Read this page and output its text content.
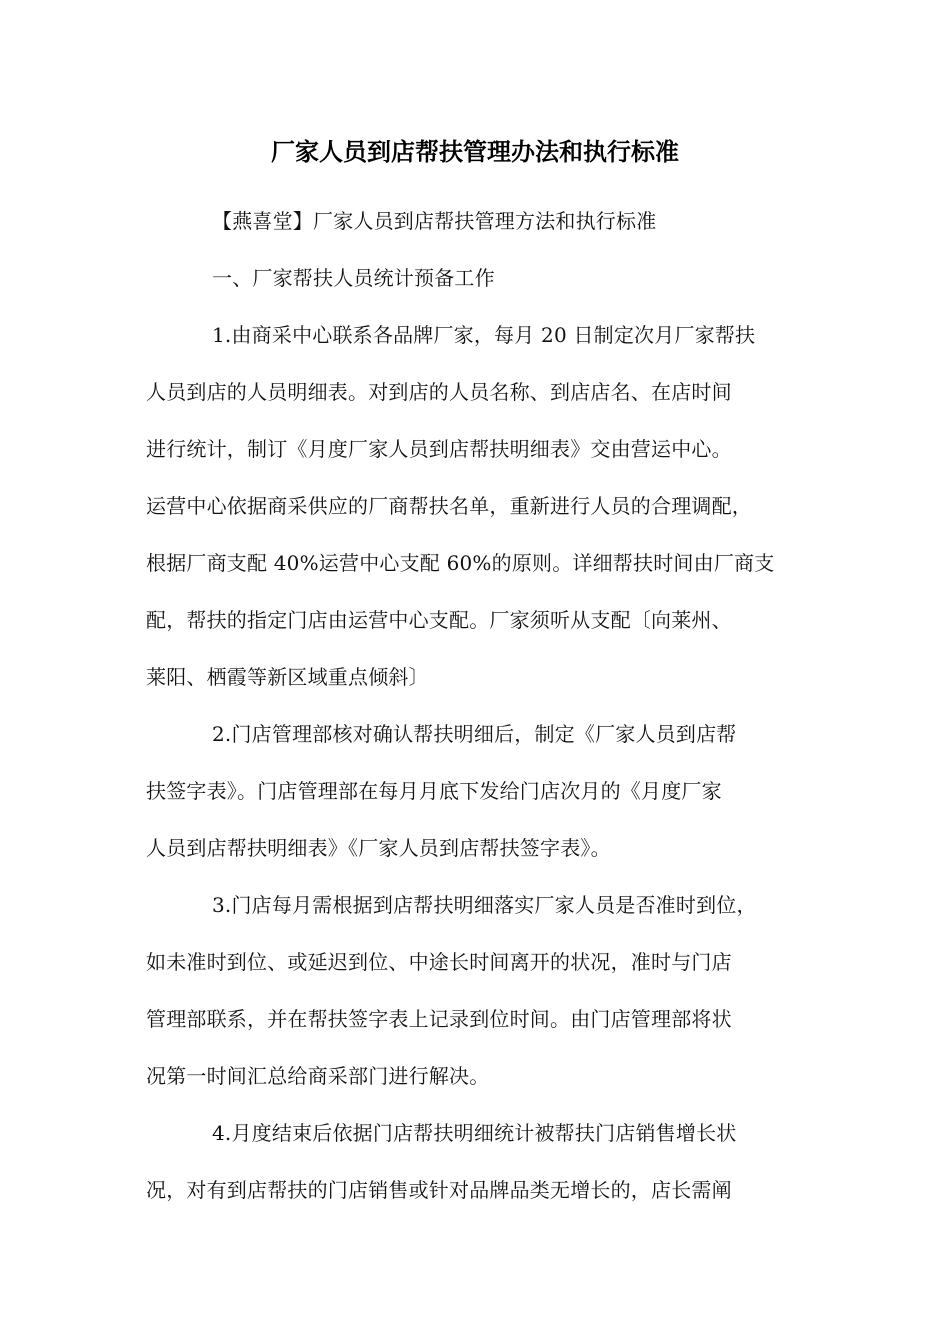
厂家人员到店帮扶管理办法和执行标准

【燕喜堂】厂家人员到店帮扶管理方法和执行标准

一、厂家帮扶人员统计预备工作

1.由商采中心联系各品牌厂家，每月 20 日制定次月厂家帮扶

人员到店的人员明细表。对到店的人员名称、到店店名、在店时间

进行统计，制订《月度厂家人员到店帮扶明细表》交由营运中心。

运营中心依据商采供应的厂商帮扶名单，重新进行人员的合理调配，

根据厂商支配 40%运营中心支配 60%的原则。详细帮扶时间由厂商支

配，帮扶的指定门店由运营中心支配。厂家须听从支配〔向莱州、

莱阳、栖霞等新区域重点倾斜〕

2.门店管理部核对确认帮扶明细后，制定《厂家人员到店帮

扶签字表》。门店管理部在每月月底下发给门店次月的《月度厂家

人员到店帮扶明细表》《厂家人员到店帮扶签字表》。

3.门店每月需根据到店帮扶明细落实厂家人员是否准时到位，

如未准时到位、或延迟到位、中途长时间离开的状况，准时与门店

管理部联系，并在帮扶签字表上记录到位时间。由门店管理部将状

况第一时间汇总给商采部门进行解决。

4.月度结束后依据门店帮扶明细统计被帮扶门店销售增长状

况，对有到店帮扶的门店销售或针对品牌品类无增长的，店长需阐
